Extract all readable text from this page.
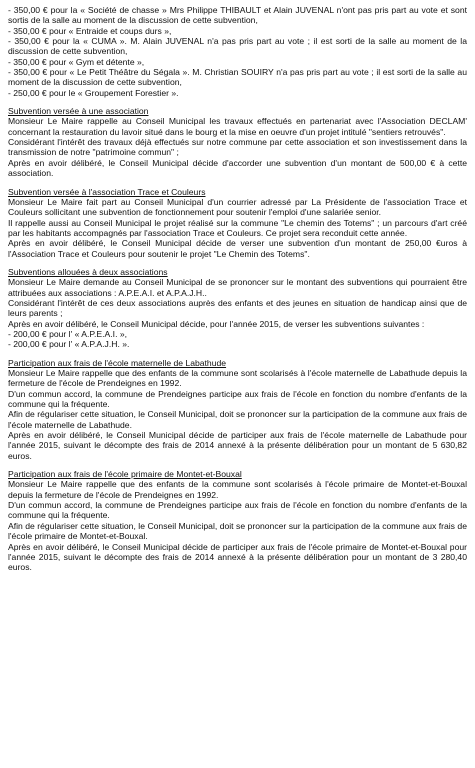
- 350,00 € pour la « Société de chasse » Mrs Philippe THIBAULT et Alain JUVENAL n'ont pas pris part au vote et sont sortis de la salle au moment de la discussion de cette subvention,

- 350,00 € pour « Entraide et coups durs »,

- 350,00 € pour la « CUMA ». M. Alain JUVENAL n'a pas pris part au vote ; il est sorti de la salle au moment de la discussion de cette subvention,

- 350,00 € pour « Gym et détente »,

- 350,00 € pour « Le Petit Théâtre du Ségala ». M. Christian SOUIRY n'a pas pris part au vote ; il est sorti de la salle au moment de la discussion de cette subvention,

- 250,00 € pour le « Groupement Forestier ».

Subvention versée à une association

Monsieur Le Maire rappelle au Conseil Municipal les travaux effectués en partenariat avec l'Association DECLAM' concernant la restauration du lavoir situé dans le bourg et la mise en oeuvre d'un projet intitulé "sentiers retrouvés".

Considérant l'intérêt des travaux déjà effectués sur notre commune par cette association et son investissement dans la transmission de notre "patrimoine commun" ;

Après en avoir délibéré, le Conseil Municipal décide d'accorder une subvention d'un montant de 500,00 € à cette association.

Subvention versée à l'association Trace et Couleurs

Monsieur Le Maire fait part au Conseil Municipal d'un courrier adressé par La Présidente de l'association Trace et Couleurs sollicitant une subvention de fonctionnement pour soutenir l'emploi d'une salariée senior.

Il rappelle aussi au Conseil Municipal le projet réalisé sur la commune "Le chemin des Totems" ; un parcours d'art créé par les habitants accompagnés par l'association Trace et Couleurs. Ce projet sera reconduit cette année.

Après en avoir délibéré, le Conseil Municipal décide de verser une subvention d'un montant de 250,00 €uros à l'Association Trace et Couleurs pour soutenir le projet "Le Chemin des Totems".

Subventions allouées à deux associations

Monsieur Le Maire demande au Conseil Municipal de se prononcer sur le montant des subventions qui pourraient être attribuées aux associations : A.P.E.A.I. et A.P.A.J.H..

Considérant l'intérêt de ces deux associations auprès des enfants et des jeunes en situation de handicap ainsi que de leurs parents ;

Après en avoir délibéré, le Conseil Municipal décide, pour l'année 2015, de verser les subventions suivantes :

- 200,00 € pour l' « A.P.E.A.I. »,

- 200,00 € pour l' « A.P.A.J.H. ».

Participation aux frais de l'école maternelle de Labathude

Monsieur Le Maire rappelle que des enfants de la commune sont scolarisés à l'école maternelle de Labathude depuis la fermeture de l'école de Prendeignes en 1992.

D'un commun accord, la commune de Prendeignes participe aux frais de l'école en fonction du nombre d'enfants de la commune qui la fréquente.

Afin de régulariser cette situation, le Conseil Municipal, doit se prononcer sur la participation de la commune aux frais de l'école maternelle de Labathude.

Après en avoir délibéré, le Conseil Municipal décide de participer aux frais de l'école maternelle de Labathude pour l'année 2015, suivant le décompte des frais de 2014 annexé à la présente délibération pour un montant de 5 630,82 euros.

Participation aux frais de l'école primaire de Montet-et-Bouxal

Monsieur Le Maire rappelle que des enfants de la commune sont scolarisés à l'école primaire de Montet-et-Bouxal depuis la fermeture de l'école de Prendeignes en 1992.

D'un commun accord, la commune de Prendeignes participe aux frais de l'école en fonction du nombre d'enfants de la commune qui la fréquente.

Afin de régulariser cette situation, le Conseil Municipal, doit se prononcer sur la participation de la commune aux frais de l'école primaire de Montet-et-Bouxal.

Après en avoir délibéré, le Conseil Municipal décide de participer aux frais de l'école primaire de Montet-et-Bouxal pour l'année 2015, suivant le décompte des frais de 2014 annexé à la présente délibération pour un montant de 3 280,40 euros.
